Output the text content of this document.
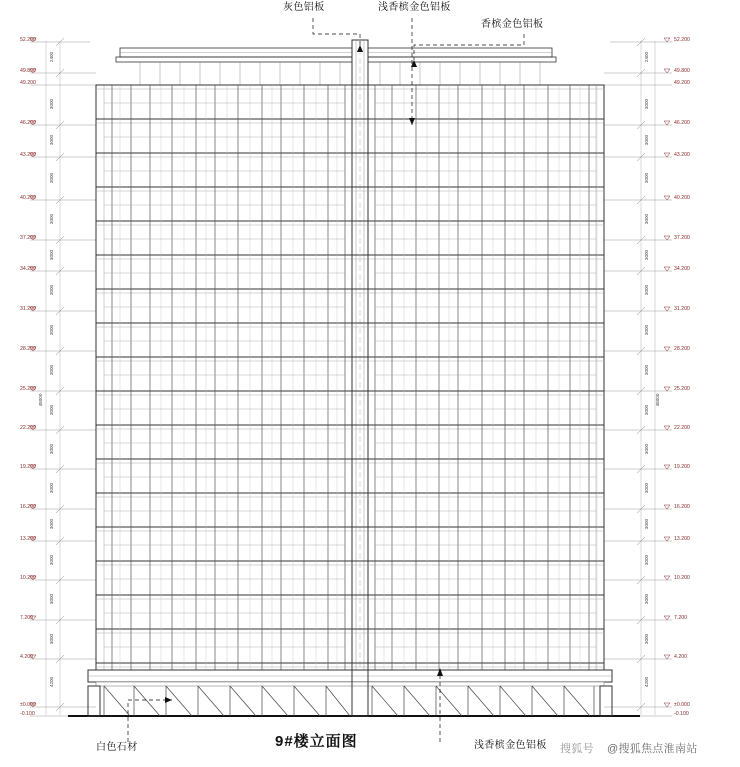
52.200
49.800
49.200
46.200
43.200
40.200
37.200
34.200
31.200
28.200
25.200
22.200
19.200
16.200
13.200
10.200
7.200
4.200
±0.000
-0.100
52.200
49.800
49.200
46.200
43.200
40.200
37.200
34.200
31.200
28.200
25.200
22.200
19.200
16.200
13.200
10.200
7.200
4.200
±0.000
-0.100
2400
3000
3000
3000
3000
3000
3000
3000
3000
3000
3000
3000
3000
3000
3000
3000
4200
2400
3000
3000
3000
3000
3000
3000
3000
3000
3000
3000
3000
3000
3000
3000
3000
4200
48000	48000
灰色铝板	浅香槟金色铝板
香槟金色铝板
白色石材	浅香槟金色铝板
9#楼立面图	搜狐号 @搜狐焦点淮南站
